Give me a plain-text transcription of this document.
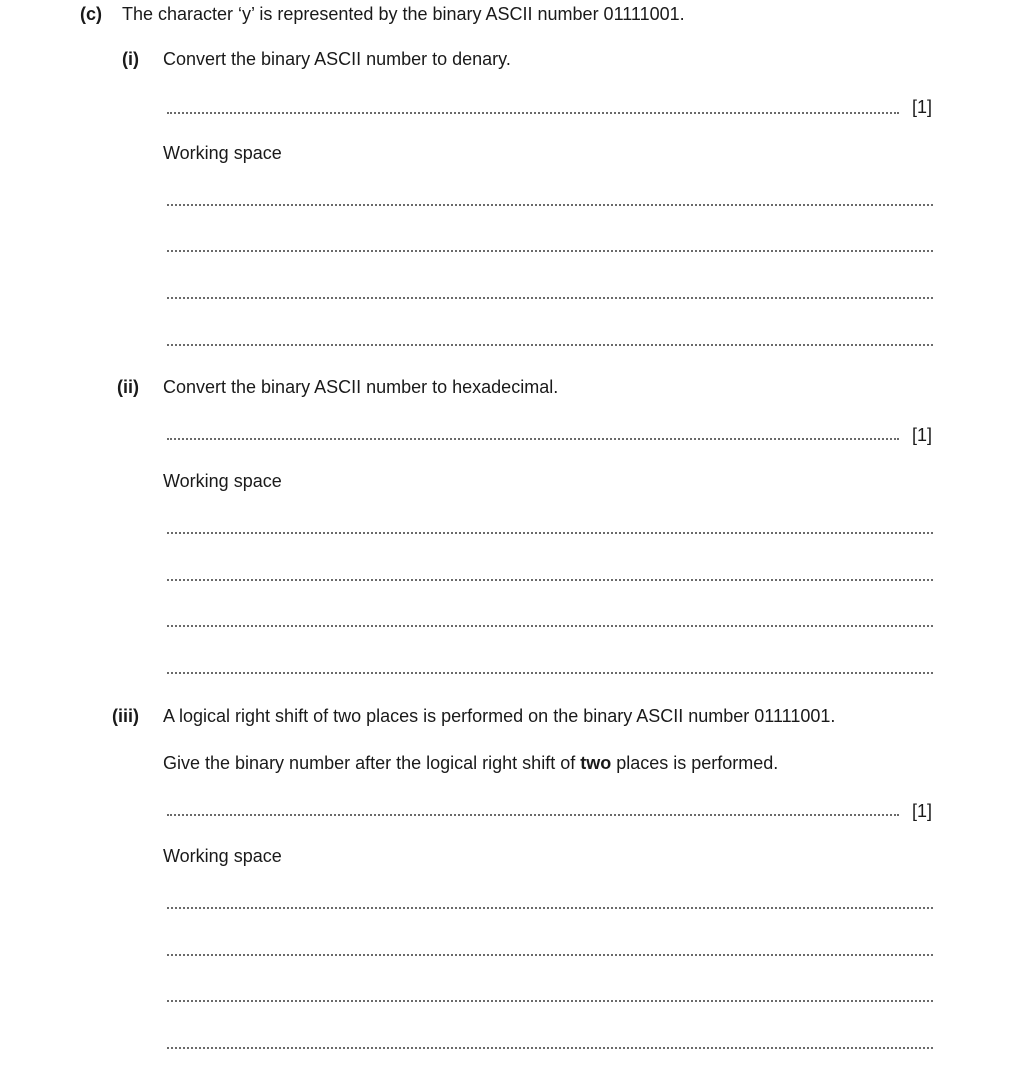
(c) The character ‘y’ is represented by the binary ASCII number 01111001.
(i) Convert the binary ASCII number to denary.
[1]
Working space
(ii) Convert the binary ASCII number to hexadecimal.
[1]
Working space
(iii) A logical right shift of two places is performed on the binary ASCII number 01111001.
Give the binary number after the logical right shift of two places is performed.
[1]
Working space
